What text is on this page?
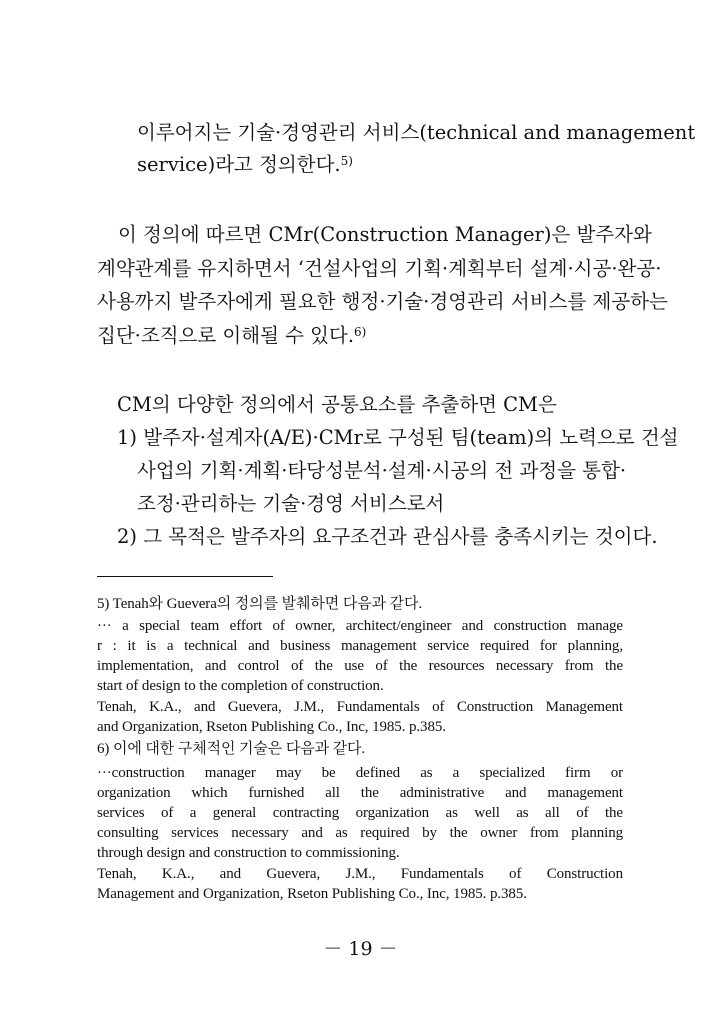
이루어지는 기술·경영관리 서비스(technical and management
service)라고 정의한다.$^{5)}$
이 정의에 따르면 CMr(Construction Manager)은 발주자와
계약관계를 유지하면서 ‘건설사업의 기획·계획부터 설계·시공·완공·
사용까지 발주자에게 필요한 행정·기술·경영관리 서비스를 제공하는
집단·조직으로 이해될 수 있다.$^{6)}$
CM의 다양한 정의에서 공통요소를 추출하면 CM은
1) 발주자·설계자(A/E)·CMr로 구성된 팀(team)의 노력으로 건설
사업의 기획·계획·타당성분석·설계·시공의 전 과정을 통합·
조정·관리하는 기술·경영 서비스로서
2) 그 목적은 발주자의 요구조건과 관심사를 충족시키는 것이다.
5) Tenah와 Guevera의 정의를 발췌하면 다음과 같다.
··· a special team effort of owner, architect/engineer and construction manage
r : it is a technical and business management service required for planning,
implementation, and control of the use of the resources necessary from the
start of design to the completion of construction.
Tenah, K.A., and Guevera, J.M., Fundamentals of Construction Management
and Organization, Rseton Publishing Co., Inc, 1985. p.385.
6) 이에 대한 구체적인 기술은 다음과 같다.
···construction manager may be defined as a specialized firm or
organization which furnished all the administrative and management
services of a general contracting organization as well as all of the
consulting services necessary and as required by the owner from planning
through design and construction to commissioning.
Tenah, K.A., and Guevera, J.M., Fundamentals of Construction
Management and Organization, Rseton Publishing Co., Inc, 1985. p.385.
－ 19 －
